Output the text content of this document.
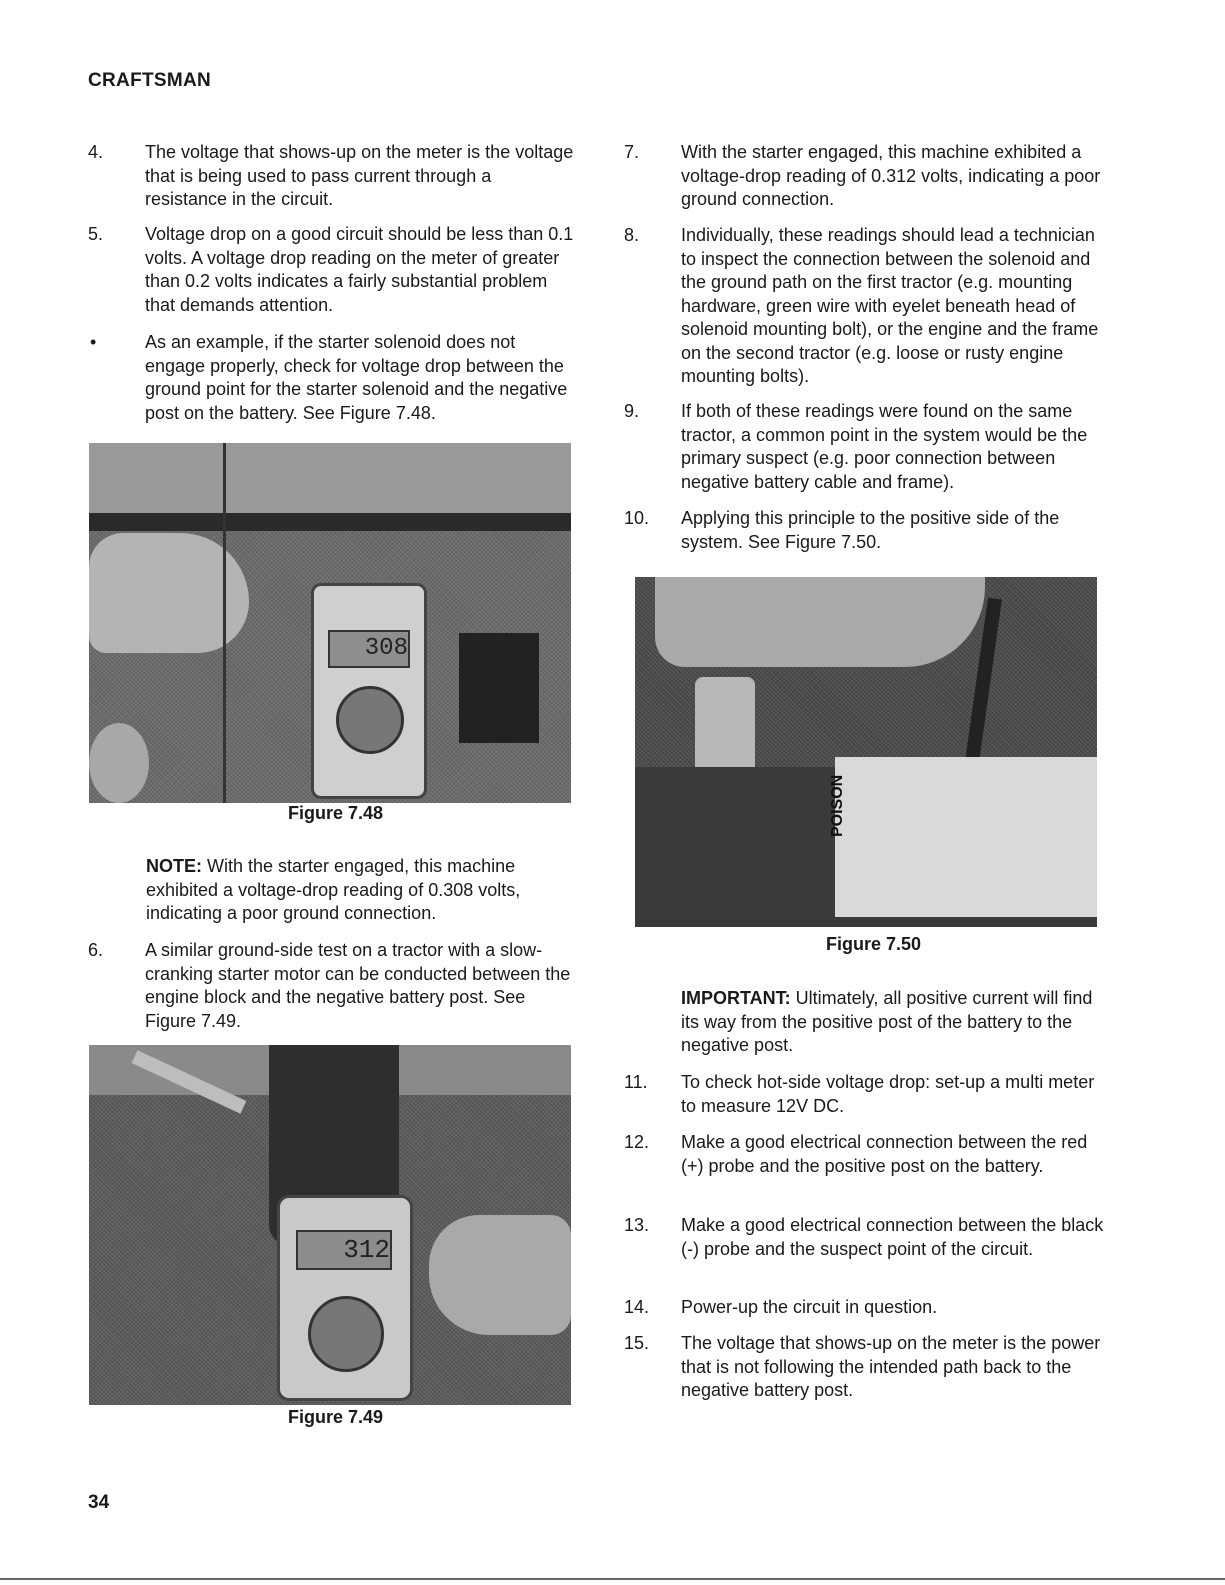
CRAFTSMAN
4. The voltage that shows-up on the meter is the voltage that is being used to pass current through a resistance in the circuit.
5. Voltage drop on a good circuit should be less than 0.1 volts. A voltage drop reading on the meter of greater than 0.2 volts indicates a fairly substantial problem that demands attention.
•	As an example, if the starter solenoid does not engage properly, check for voltage drop between the ground point for the starter solenoid and the negative post on the battery. See Figure 7.48.
308
Figure 7.48
NOTE: With the starter engaged, this machine exhibited a voltage-drop reading of 0.308 volts, indicating a poor ground connection.
6. A similar ground-side test on a tractor with a slow-cranking starter motor can be conducted between the engine block and the negative battery post. See Figure 7.49.
312
Figure 7.49
7. With the starter engaged, this machine exhibited a voltage-drop reading of 0.312 volts, indicating a poor ground connection.
8. Individually, these readings should lead a technician to inspect the connection between the solenoid and the ground path on the first tractor (e.g. mounting hardware, green wire with eyelet beneath head of solenoid mounting bolt), or the engine and the frame on the second tractor (e.g. loose or rusty engine mounting bolts).
9. If both of these readings were found on the same tractor, a common point in the system would be the primary suspect (e.g. poor connection between negative battery cable and frame).
10. Applying this principle to the positive side of the system. See Figure 7.50.
POISON
Figure 7.50
IMPORTANT: Ultimately, all positive current will find its way from the positive post of the battery to the negative post.
11. To check hot-side voltage drop: set-up a multi meter to measure 12V DC.
12. Make a good electrical connection between the red (+) probe and the positive post on the battery.
13. Make a good electrical connection between the black (-) probe and the suspect point of the circuit.
14. Power-up the circuit in question.
15. The voltage that shows-up on the meter is the power that is not following the intended path back to the negative battery post.
34
